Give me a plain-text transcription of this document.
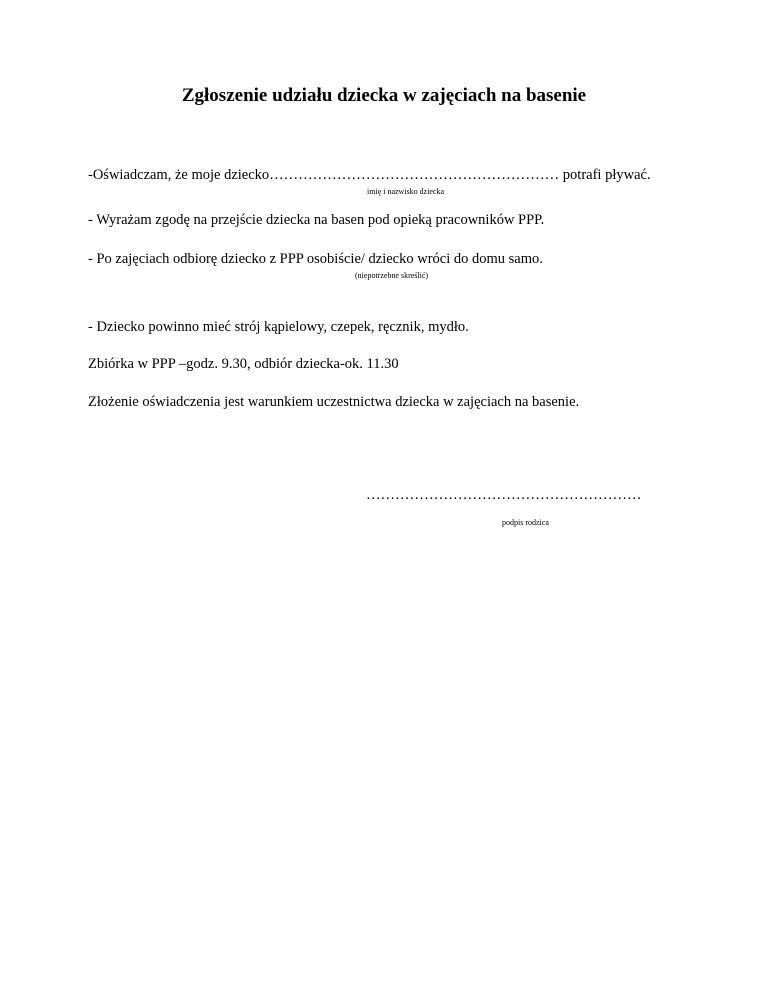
Zgłoszenie udziału dziecka w zajęciach na basenie
-Oświadczam, że moje dziecko…………………………………………………… potrafi pływać.
imię i nazwisko dziecka
- Wyrażam zgodę na przejście dziecka na basen pod opieką pracowników PPP.
- Po zajęciach odbiorę dziecko z PPP osobiście/ dziecko wróci do domu samo.
(niepotrzebne skreślić)
- Dziecko powinno mieć strój kąpielowy, czepek, ręcznik, mydło.
Zbiórka w PPP –godz. 9.30, odbiór dziecka-ok. 11.30
Złożenie oświadczenia jest warunkiem uczestnictwa dziecka w zajęciach na basenie.
…………………………………………………
podpis rodzica
